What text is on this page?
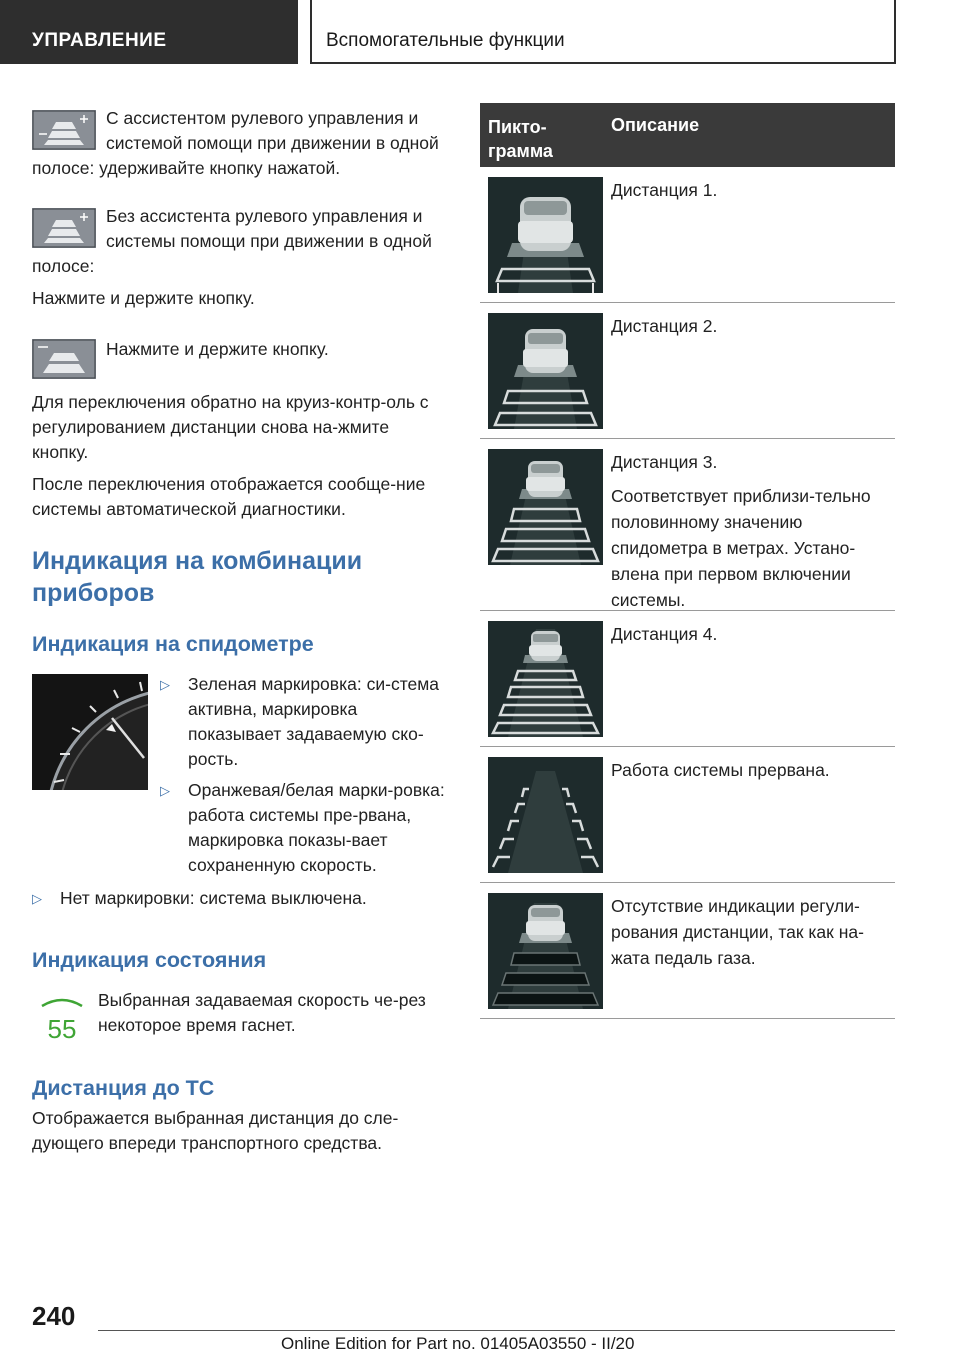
УПРАВЛЕНИЕ	Вспомогательные функции
С ассистентом рулевого управления и системой помощи при движении в одной полосе: удерживайте кнопку нажатой.
Без ассистента рулевого управления и системы помощи при движении в одной полосе:
Нажмите и держите кнопку.
Нажмите и держите кнопку.
Для переключения обратно на круиз-контр-оль с регулированием дистанции снова на-жмите кнопку.
После переключения отображается сообще-ние системы автоматической диагностики.
Индикация на комбинации приборов
Индикация на спидометре
▷ Зеленая маркировка: си-стема активна, маркировка показывает задаваемую ско-рость.
▷ Оранжевая/белая марки-ровка: работа системы пре-рвана, маркировка показы-вает сохраненную скорость.
▷ Нет маркировки: система выключена.
Индикация состояния
55
Выбранная задаваемая скорость че-рез некоторое время гаснет.
Дистанция до ТС
Отображается выбранная дистанция до сле-дующего впереди транспортного средства.
Пикто-грамма
Описание
Дистанция 1.
Дистанция 2.
Дистанция 3.
Соответствует приблизи-тельно половинному значению спидометра в метрах. Устано-влена при первом включении системы.
Дистанция 4.
Работа системы прервана.
Отсутствие индикации регули-рования дистанции, так как на-жата педаль газа.
240
Online Edition for Part no. 01405A03550 - II/20
